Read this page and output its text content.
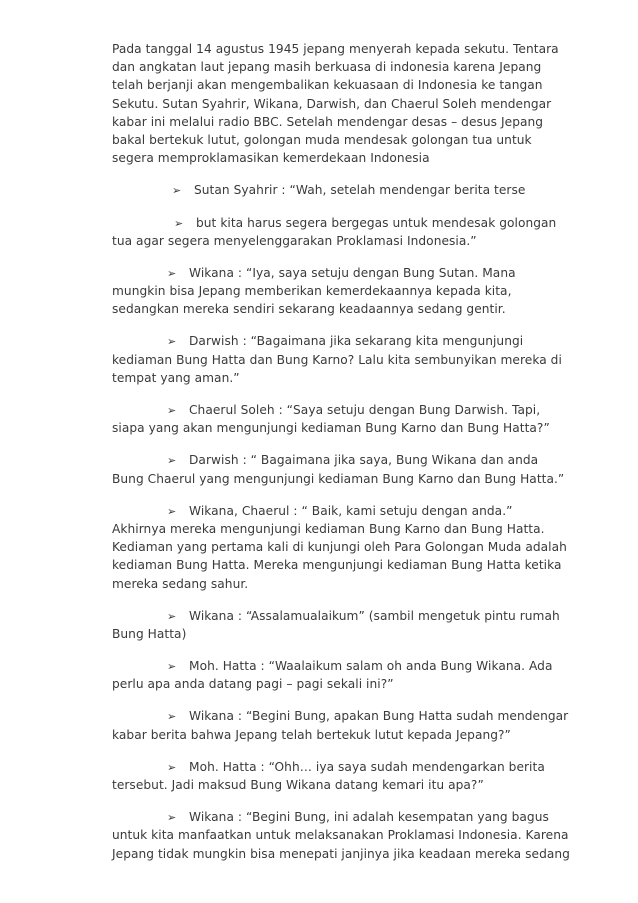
Pada tanggal 14 agustus 1945 jepang menyerah kepada sekutu. Tentara
dan angkatan laut jepang masih berkuasa di indonesia karena Jepang
telah berjanji akan mengembalikan kekuasaan di Indonesia ke tangan
Sekutu. Sutan Syahrir, Wikana, Darwish, dan Chaerul Soleh mendengar
kabar ini melalui radio BBC. Setelah mendengar desas – desus Jepang
bakal bertekuk lutut, golongan muda mendesak golongan tua untuk
segera memproklamasikan kemerdekaan Indonesia
➢ Sutan Syahrir : “Wah, setelah mendengar berita terse
➢ but kita harus segera bergegas untuk mendesak golongan
tua agar segera menyelenggarakan Proklamasi Indonesia.”
➢ Wikana : “Iya, saya setuju dengan Bung Sutan. Mana
mungkin bisa Jepang memberikan kemerdekaannya kepada kita,
sedangkan mereka sendiri sekarang keadaannya sedang gentir.
➢ Darwish : “Bagaimana jika sekarang kita mengunjungi
kediaman Bung Hatta dan Bung Karno? Lalu kita sembunyikan mereka di
tempat yang aman.”
➢ Chaerul Soleh : “Saya setuju dengan Bung Darwish. Tapi,
siapa yang akan mengunjungi kediaman Bung Karno dan Bung Hatta?”
➢ Darwish : “ Bagaimana jika saya, Bung Wikana dan anda
Bung Chaerul yang mengunjungi kediaman Bung Karno dan Bung Hatta.”
➢ Wikana, Chaerul : “ Baik, kami setuju dengan anda.”
Akhirnya mereka mengunjungi kediaman Bung Karno dan Bung Hatta.
Kediaman yang pertama kali di kunjungi oleh Para Golongan Muda adalah
kediaman Bung Hatta. Mereka mengunjungi kediaman Bung Hatta ketika
mereka sedang sahur.
➢ Wikana : “Assalamualaikum” (sambil mengetuk pintu rumah
Bung Hatta)
➢ Moh. Hatta : “Waalaikum salam oh anda Bung Wikana. Ada
perlu apa anda datang pagi – pagi sekali ini?”
➢ Wikana : “Begini Bung, apakan Bung Hatta sudah mendengar
kabar berita bahwa Jepang telah bertekuk lutut kepada Jepang?”
➢ Moh. Hatta : “Ohh… iya saya sudah mendengarkan berita
tersebut. Jadi maksud Bung Wikana datang kemari itu apa?”
➢ Wikana : “Begini Bung, ini adalah kesempatan yang bagus
untuk kita manfaatkan untuk melaksanakan Proklamasi Indonesia. Karena
Jepang tidak mungkin bisa menepati janjinya jika keadaan mereka sedang
